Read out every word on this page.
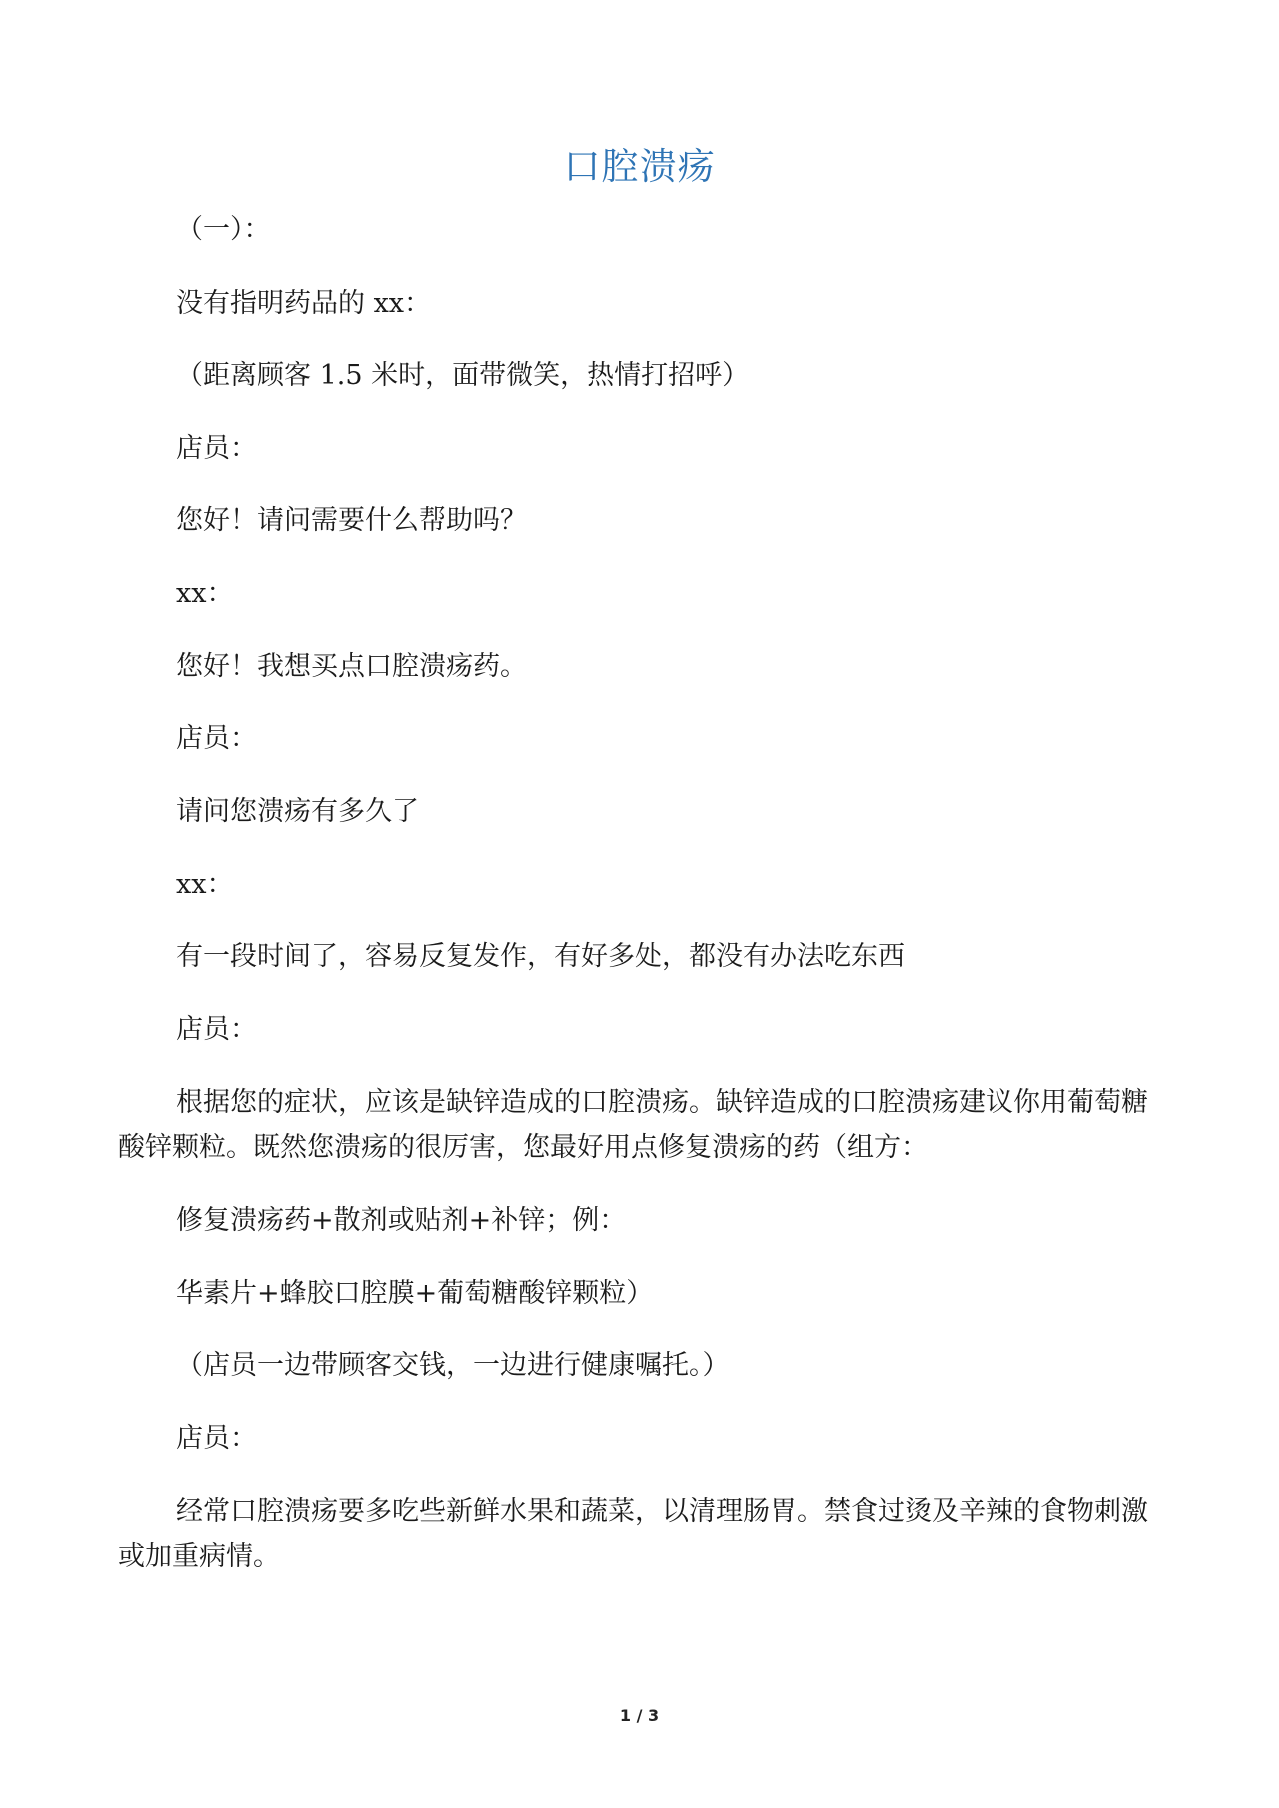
口腔溃疡
（一）：
没有指明药品的 xx：
（距离顾客 1.5 米时，面带微笑，热情打招呼）
店员：
您好！请问需要什么帮助吗？
xx：
您好！我想买点口腔溃疡药。
店员：
请问您溃疡有多久了
xx：
有一段时间了，容易反复发作，有好多处，都没有办法吃东西
店员：
根据您的症状，应该是缺锌造成的口腔溃疡。缺锌造成的口腔溃疡建议你用葡萄糖酸锌颗粒。既然您溃疡的很厉害，您最好用点修复溃疡的药（组方：
修复溃疡药+散剂或贴剂+补锌；例：
华素片+蜂胶口腔膜+葡萄糖酸锌颗粒）
（店员一边带顾客交钱，一边进行健康嘱托。）
店员：
经常口腔溃疡要多吃些新鲜水果和蔬菜，以清理肠胃。禁食过烫及辛辣的食物刺激或加重病情。
1 / 3
